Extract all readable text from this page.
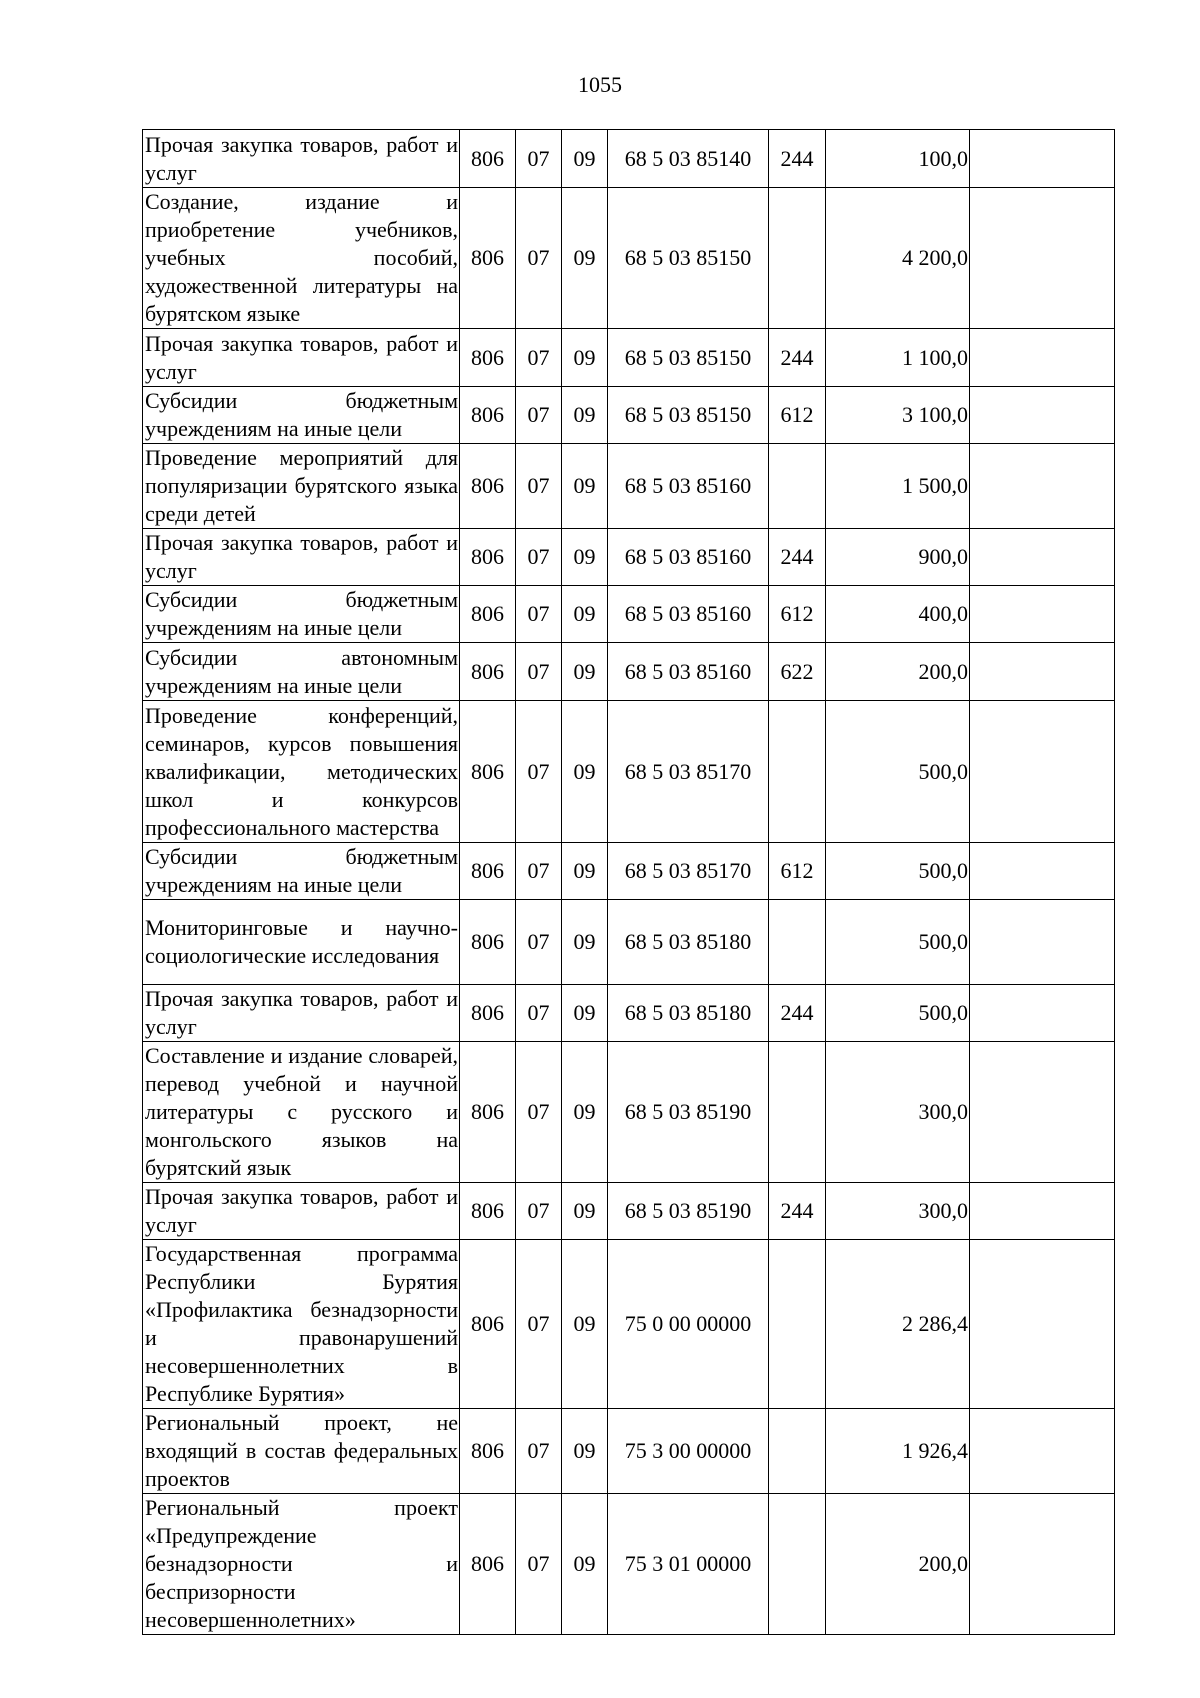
1055
Прочая закупка товаров, работ и услуг	806	07	09	68 5 03 85140	244	100,0	
Создание, издание и приобретение учебников, учебных пособий, художественной литературы на бурятском языке	806	07	09	68 5 03 85150		4 200,0	
Прочая закупка товаров, работ и услуг	806	07	09	68 5 03 85150	244	1 100,0	
Субсидии бюджетным учреждениям на иные цели	806	07	09	68 5 03 85150	612	3 100,0	
Проведение мероприятий для популяризации бурятского языка среди детей	806	07	09	68 5 03 85160		1 500,0	
Прочая закупка товаров, работ и услуг	806	07	09	68 5 03 85160	244	900,0	
Субсидии бюджетным учреждениям на иные цели	806	07	09	68 5 03 85160	612	400,0	
Субсидии автономным учреждениям на иные цели	806	07	09	68 5 03 85160	622	200,0	
Проведение конференций, семинаров, курсов повышения квалификации, методических школ и конкурсов профессионального мастерства	806	07	09	68 5 03 85170		500,0	
Субсидии бюджетным учреждениям на иные цели	806	07	09	68 5 03 85170	612	500,0	
Мониторинговые и научно-социологические исследования	806	07	09	68 5 03 85180		500,0	
Прочая закупка товаров, работ и услуг	806	07	09	68 5 03 85180	244	500,0	
Составление и издание словарей, перевод учебной и научной литературы с русского и монгольского языков на бурятский язык	806	07	09	68 5 03 85190		300,0	
Прочая закупка товаров, работ и услуг	806	07	09	68 5 03 85190	244	300,0	
Государственная программа Республики Бурятия «Профилактика безнадзорности и правонарушений несовершеннолетних в Республике Бурятия»	806	07	09	75 0 00 00000		2 286,4	
Региональный проект, не входящий в состав федеральных проектов	806	07	09	75 3 00 00000		1 926,4	
Региональный проект «Предупреждение безнадзорности и беспризорности несовершеннолетних»	806	07	09	75 3 01 00000		200,0	
